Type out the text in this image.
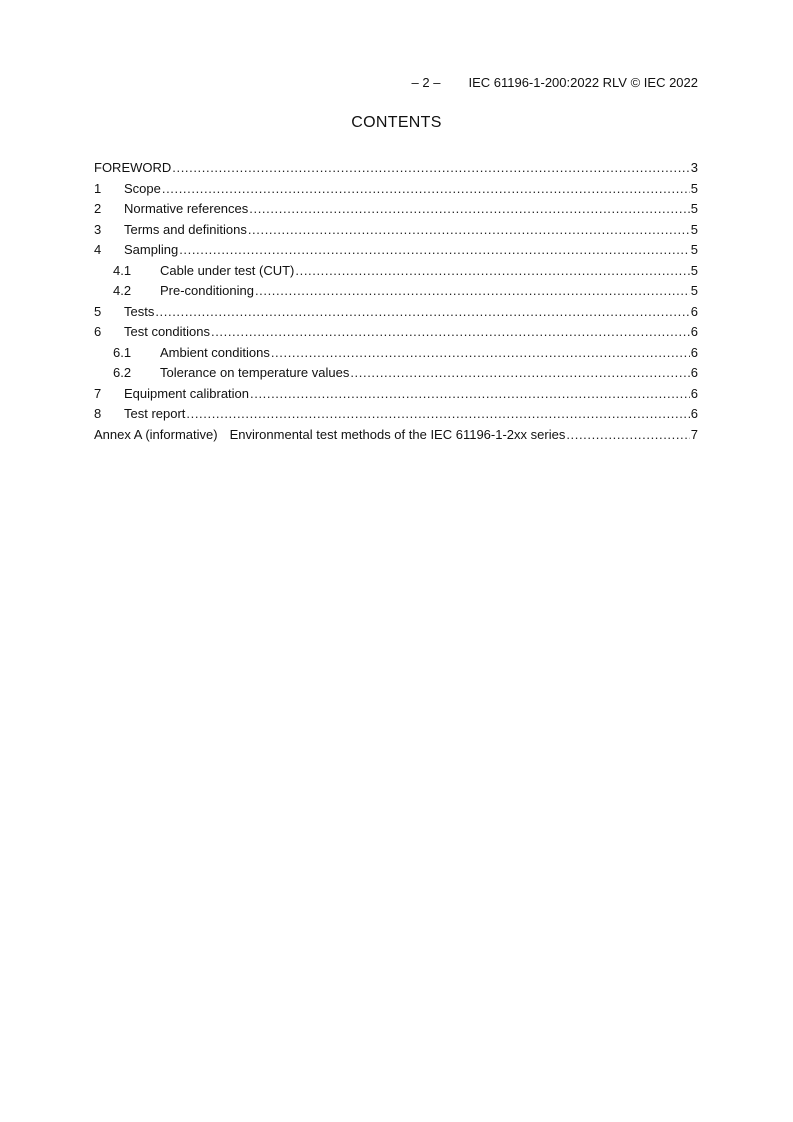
– 2 – IEC 61196-1-200:2022 RLV © IEC 2022
CONTENTS
FOREWORD .....	3
1	Scope .....	5
2	Normative references .....	5
3	Terms and definitions .....	5
4	Sampling .....	5
4.1	Cable under test (CUT) .....	5
4.2	Pre-conditioning .....	5
5	Tests .....	6
6	Test conditions .....	6
6.1	Ambient conditions .....	6
6.2	Tolerance on temperature values .....	6
7	Equipment calibration .....	6
8	Test report .....	6
Annex A (informative) Environmental test methods of the IEC 61196-1-2xx series .....	7
